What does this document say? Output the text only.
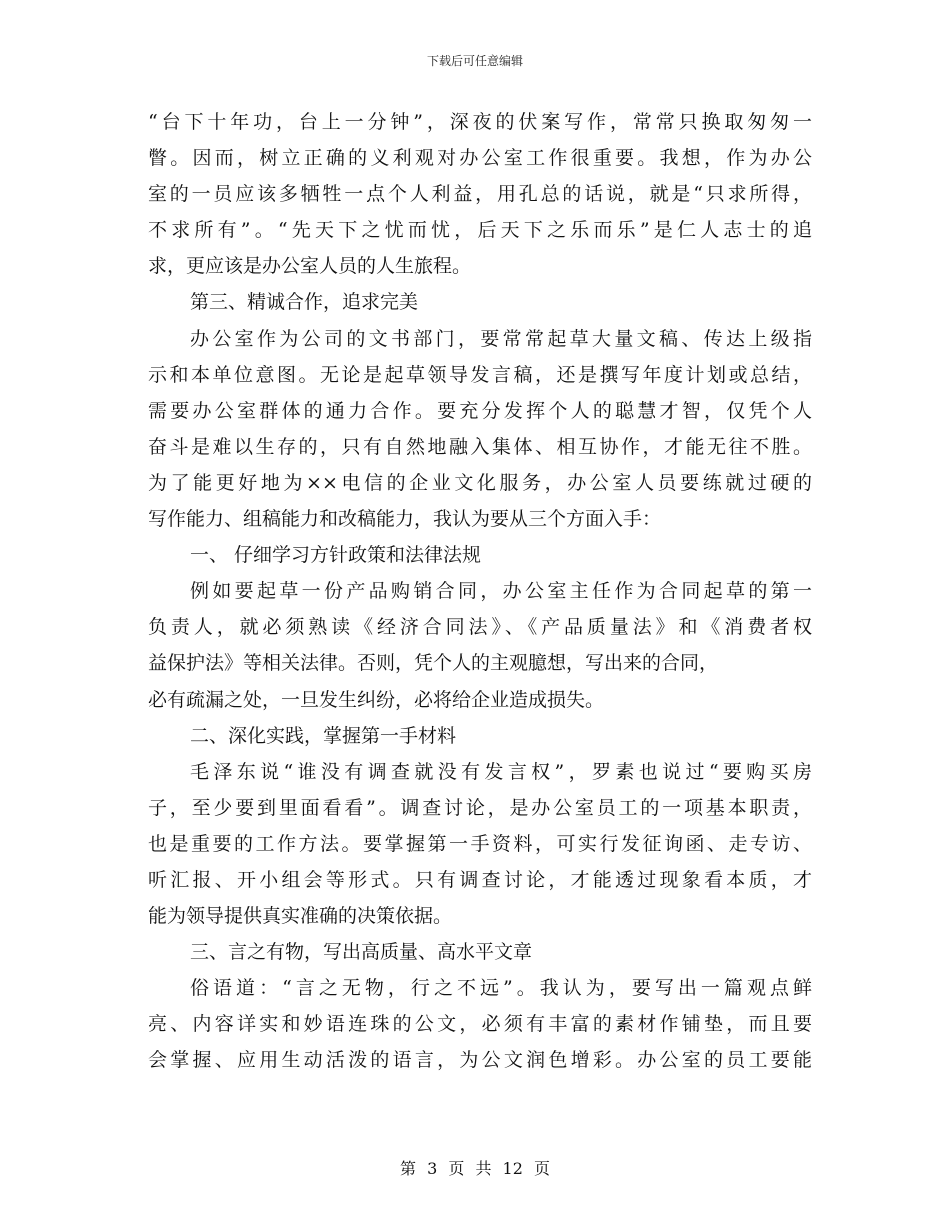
下载后可任意编辑
“台下十年功，台上一分钟”，深夜的伏案写作，常常只换取匆匆一
瞥。因而，树立正确的义利观对办公室工作很重要。我想，作为办公
室的一员应该多牺牲一点个人利益，用孔总的话说，就是“只求所得，
不求所有”。“先天下之忧而忧，后天下之乐而乐”是仁人志士的追
求，更应该是办公室人员的人生旅程。
第三、精诚合作，追求完美
办公室作为公司的文书部门，要常常起草大量文稿、传达上级指
示和本单位意图。无论是起草领导发言稿，还是撰写年度计划或总结，
需要办公室群体的通力合作。要充分发挥个人的聪慧才智，仅凭个人
奋斗是难以生存的，只有自然地融入集体、相互协作，才能无往不胜。
为了能更好地为××电信的企业文化服务，办公室人员要练就过硬的
写作能力、组稿能力和改稿能力，我认为要从三个方面入手：
一、 仔细学习方针政策和法律法规
例如要起草一份产品购销合同，办公室主任作为合同起草的第一
负责人，就必须熟读《经济合同法》、《产品质量法》和《消费者权
益保护法》等相关法律。否则，凭个人的主观臆想，写出来的合同，
必有疏漏之处，一旦发生纠纷，必将给企业造成损失。
二、深化实践，掌握第一手材料
毛泽东说“谁没有调查就没有发言权”，罗素也说过“要购买房
子，至少要到里面看看”。调查讨论，是办公室员工的一项基本职责，
也是重要的工作方法。要掌握第一手资料，可实行发征询函、走专访、
听汇报、开小组会等形式。只有调查讨论，才能透过现象看本质，才
能为领导提供真实准确的决策依据。
三、言之有物，写出高质量、高水平文章
俗语道：“言之无物，行之不远”。我认为，要写出一篇观点鲜
亮、内容详实和妙语连珠的公文，必须有丰富的素材作铺垫，而且要
会掌握、应用生动活泼的语言，为公文润色增彩。办公室的员工要能
第 3 页 共 12 页
